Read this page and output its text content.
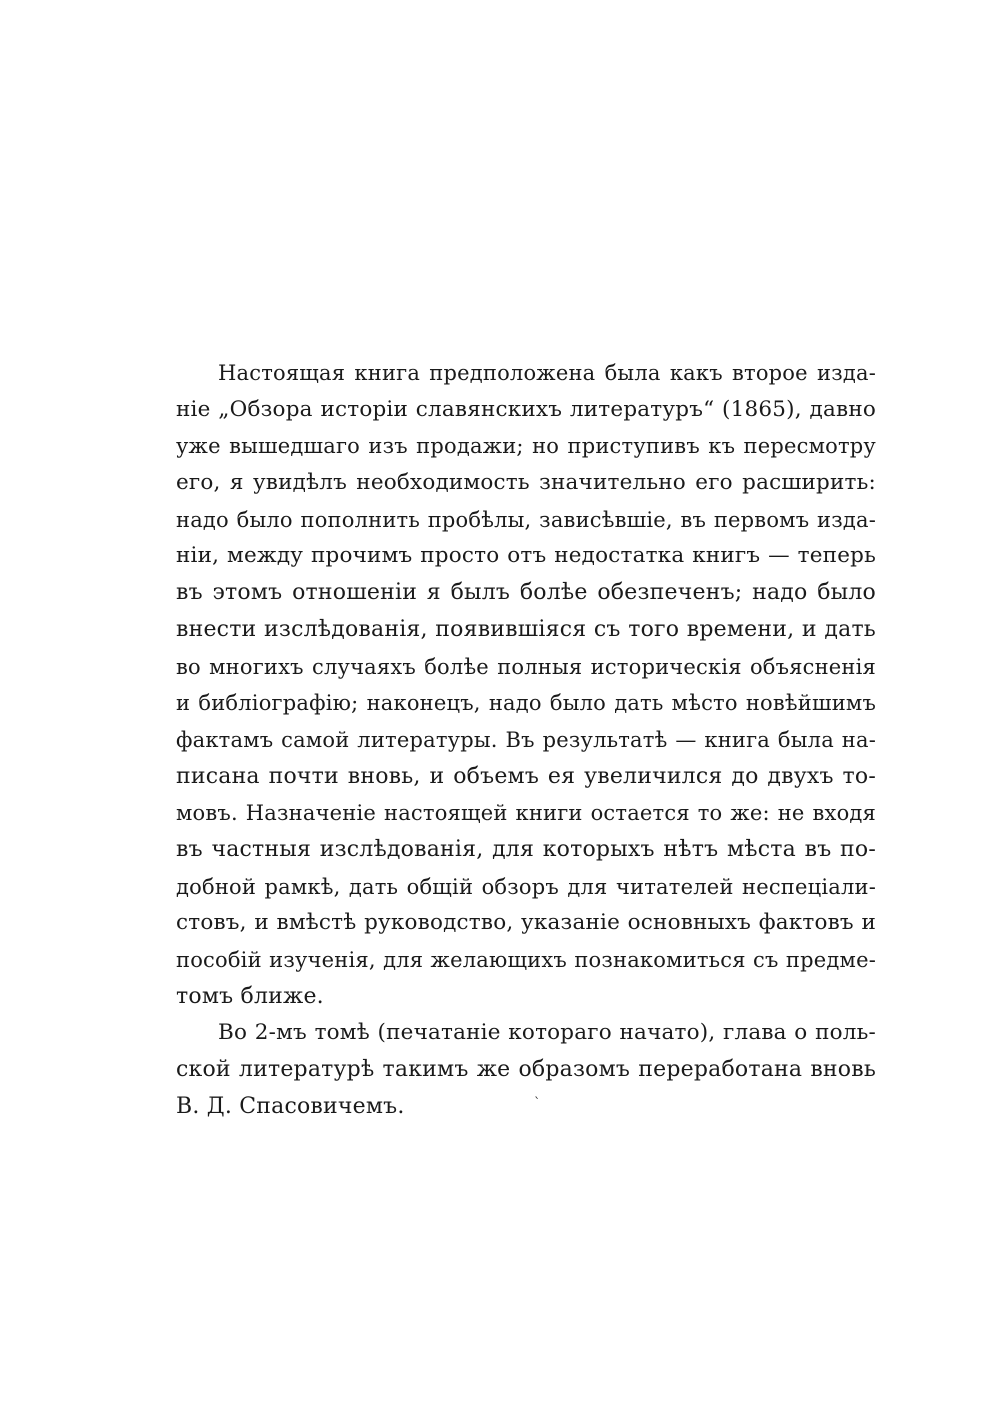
Настоящая книга предположена была какъ второе изда-
ніе „Обзора исторіи славянскихъ литературъ“ (1865), давно
уже вышедшаго изъ продажи; но приступивъ къ пересмотру
его, я увидѣлъ необходимость значительно его расширить:
надо было пополнить пробѣлы, зависѣвшіе, въ первомъ изда-
ніи, между прочимъ просто отъ недостатка книгъ — теперь
въ этомъ отношеніи я былъ болѣе обезпеченъ; надо было
внести изслѣдованія, появившіяся съ того времени, и дать
во многихъ случаяхъ болѣе полныя историческія объясненія
и библіографію; наконецъ, надо было дать мѣсто новѣйшимъ
фактамъ самой литературы. Въ результатѣ — книга была на-
писана почти вновь, и объемъ ея увеличился до двухъ то-
мовъ. Назначеніе настоящей книги остается то же: не входя
въ частныя изслѣдованія, для которыхъ нѣтъ мѣста въ по-
добной рамкѣ, дать общій обзоръ для читателей неспеціали-
стовъ, и вмѣстѣ руководство, указаніе основныхъ фактовъ и
пособій изученія, для желающихъ познакомиться съ предме-
томъ ближе.
Во 2-мъ томѣ (печатаніе котораго начато), глава о поль-
ской литературѣ такимъ же образомъ переработана вновь
В. Д. Спасовичемъ.	ˋ
